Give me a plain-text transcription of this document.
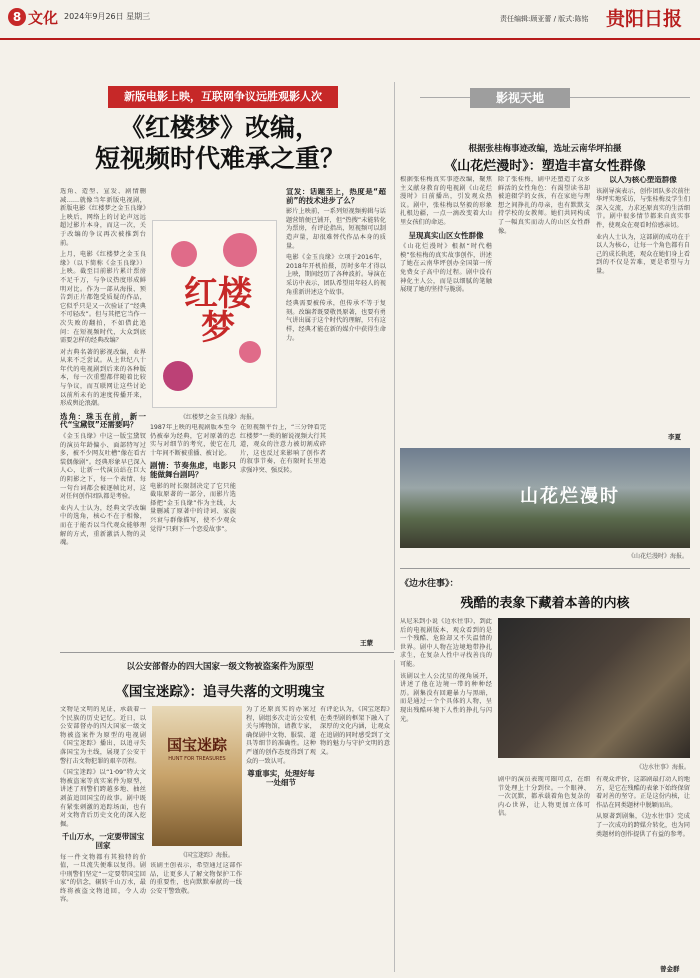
8 文化 2024年9月26日 星期三	责任编辑:顾亚蕾 / 版式:陈铭 贵阳日报
新版电影上映，互联网争议远胜观影人次
《红楼梦》改编，
短视频时代难承之重？

选角、造型、宣发、剧情删减……就像当年新版电视剧，新版电影《红楼梦之金玉良缘》上映后，网络上的讨论声远远超过影片本身，而这一次，关于改编的争议再次被推到台前。

上月，电影《红楼梦之金玉良缘》（以下简称《金玉良缘》）上映。截至目前影片累计票房不足千万，与争议热度形成鲜明对比。作为一部从海报、预告到正片都饱受质疑的作品，它似乎只是又一次验证了“经典不可轻改”。但与其把它当作一次失败的翻拍，不如借此追问：在短视频时代，大众到底需要怎样的经典改编？

对古典名著的影视改编，业界从来不乏尝试。从上世纪八十年代的电视剧到后来的各种版本，每一次重塑都伴随着比较与争议，而互联网让这些讨论以前所未有的速度传播开来，形成舆论浪潮。

选角：珠玉在前，新一代“宝黛钗”还需要吗？

《金玉良缘》中这一版宝黛钗的演员年龄偏小、面部特写过多，被不少网友吐槽“像在看古装偶像剧”。经典形象早已深入人心，让新一代演员站在巨大的阴影之下，每一个表情、每一句台词都会被逐帧比对，这对任何创作团队都是考验。

业内人士认为，经典文学改编中的选角，核心不在于相像，而在于能否以当代观众能够理解的方式，重新激活人物的灵魂。

红楼梦
《红楼梦之金玉良缘》海报。

1987年上映的电视剧版本至今仍被奉为经典，它对原著的忠实与对细节的考究，使它在几十年间不断被重播、被讨论。

剧情：节奏焦虑，电影只能做舞台剧吗？

电影的时长限制决定了它只能截取原著的一部分，而影片选择把“金玉良缘”作为主线，大量删减了原著中的诗词、家族兴衰与群像描写，使不少观众觉得“只剩下一个恋爱故事”。

在短视频平台上，“三分钟看完红楼梦”一类的解说视频大行其道，观众的注意力被切割成碎片，这也反过来影响了创作者的叙事节奏，在有限时长里追求强冲突、强反转。

宣发：话题至上，热度是“超前”的技术进步了么？

影片上映前，一系列短视频剪辑与话题营销便已铺开，但“热搜”未能转化为票房，有评论指出，短视频可以制造声量，却很难替代作品本身的质量。

电影《金玉良缘》立项于2016年，2018年开机拍摄，历时多年才得以上映，期间经历了各种波折。导演在采访中表示，团队希望用年轻人的视角重新讲述这个故事。

经典需要被传承，但传承不等于复刻。改编者既要敬畏原著，也要有勇气讲出属于这个时代的理解，只有这样，经典才能在新的媒介中获得生命力。

王蒙
影视天地
根据张桂梅事迹改编，选址云南华坪拍摄
《山花烂漫时》：塑造丰富女性群像

根据张桂梅真实事迹改编，聚焦主义献身教育的电视剧《山花烂漫时》日前播出，引发观众热议。剧中，张桂梅以坚毅的形象扎根边疆，一点一滴改变着大山里女孩们的命运。

呈现真实山区女性群像

《山花烂漫时》根据“时代楷模”张桂梅的真实故事创作，讲述了她在云南华坪创办全国第一所免费女子高中的过程。剧中没有神化主人公，而是以细腻的笔触展现了她的坚持与脆弱。

除了张桂梅，剧中还塑造了众多鲜活的女性角色：有渴望读书却被迫辍学的女孩，有在家庭与理想之间挣扎的母亲，也有默默支持学校的女教师。她们共同构成了一幅真实而动人的山区女性群像。

以人为核心塑造群像

该剧导演表示，创作团队多次前往华坪实地采访，与张桂梅及学生们深入交流，力求还原真实的生活细节。剧中很多情节都来自真实事件，使观众在观看时倍感亲切。

业内人士认为，这部剧的成功在于以人为核心，让每一个角色都有自己的成长轨迹，观众在她们身上看到的不仅是苦难，更是希望与力量。

李夏
山花烂漫时
《山花烂漫时》海报。
以公安部督办的四大国家一级文物被盗案件为原型
《国宝迷踪》：追寻失落的文明瑰宝

文物是文明的见证，承载着一个民族的历史记忆。近日，以公安部督办的四大国家一级文物被盗案件为原型的电视剧《国宝迷踪》播出，以追寻失落国宝为主线，展现了公安干警打击文物犯罪的艰辛历程。

《国宝迷踪》以“1·09”特大文物被盗案等真实案件为原型，讲述了刑警们跨越多地、抽丝剥茧追回国宝的故事。剧中既有紧张刺激的追踪场面，也有对文物背后历史文化的深入挖掘。

千山万水，一定要带国宝回家

每一件文物都有其独特的价值，一旦流失便难以复得。剧中刑警们坚定“一定要带国宝回家”的信念，辗转千山万水，最终将被盗文物追回，令人动容。

国宝迷踪
HUNT FOR TREASURES
《国宝迷踪》海报。

该剧主创表示，希望通过这部作品，让更多人了解文物保护工作的重要性，也向默默奉献的一线公安干警致敬。

为了还原真实的办案过程，剧组多次走访公安机关与博物馆，请教专家，确保剧中文物、服装、道具等细节的准确性。这种严谨的创作态度得到了观众的一致认可。

尊重事实，处理好每一处细节

有评论认为，《国宝迷踪》在类型剧的框架下融入了深厚的文化内涵，让观众在追剧的同时感受到了文物的魅力与守护文明的意义。

《边水往事》：
残酷的表象下藏着本善的内核

从尼采到小说《边水往事》，到此后的电视剧版本，观众看到的是一个残酷、危险却又不失温情的世界。剧中人物在边境地带挣扎求生，在复杂人性中寻找善良的可能。

该剧以主人公沈星的视角展开，讲述了他在边境一带的种种经历。剧集没有回避暴力与黑暗，而是通过一个个具体的人物，呈现出残酷环境下人性的挣扎与闪光。

《边水往事》海报。

剧中的演员表现可圈可点，在细节处理上十分到位。一个眼神、一次沉默，都承载着角色复杂的内心世界，让人物更加立体可信。

有观众评价，这部剧最打动人的地方，是它在残酷的表象下始终保留着对善的坚守。正是这份内核，让作品在同类题材中脱颖而出。

从原著到剧集，《边水往事》完成了一次成功的跨媒介转化，也为同类题材的创作提供了有益的参考。

曾金群
